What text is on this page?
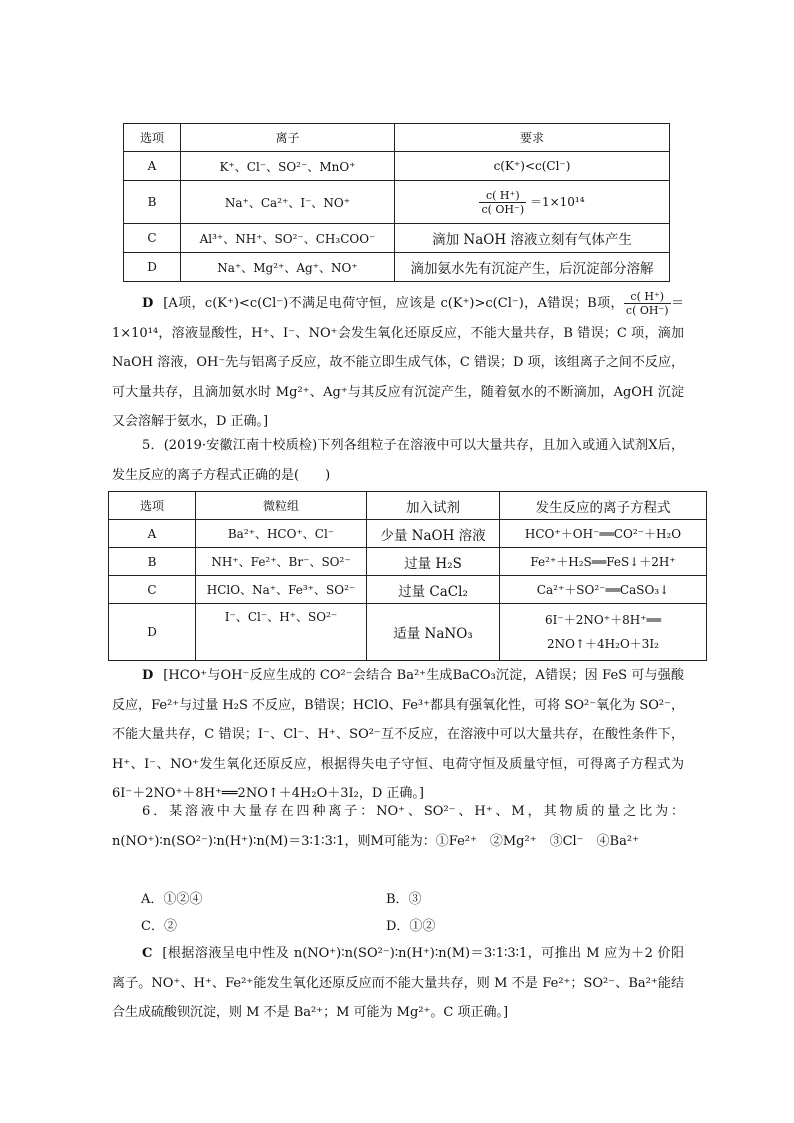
选项	离子	要求
A	K⁺、Cl⁻、SO²⁻、MnO⁺	c(K⁺)<c(Cl⁻)
B	Na⁺、Ca²⁺、I⁻、NO⁺	$\frac{c( H^+)}{c( OH^-)} =1\times 10^{14}$
C	Al³⁺、NH⁺、SO²⁻、CH₃COO⁻	滴加 NaOH 溶液立刻有气体产生
D	Na⁺、Mg²⁺、Ag⁺、NO⁺	滴加氨水先有沉淀产生，后沉淀部分溶解
D [A项，c(K⁺)<c(Cl⁻)不满足电荷守恒，应该是 c(K⁺)>c(Cl⁻)，A错误；B项， $\frac{c( H^+)}{c( OH^-)} = 1\times 10^{14}$，溶液显酸性，H⁺、I⁻、NO⁺会发生氧化还原反应，不能大量共存，B 错误；C 项，滴加 NaOH 溶液，OH⁻先与铝离子反应，故不能立即生成气体，C 错误；D 项，该组离子之间不反应，可大量共存，且滴加氨水时 Mg²⁺、Ag⁺与其反应有沉淀产生，随着氨水的不断滴加，AgOH 沉淀又会溶解于氨水，D 正确。]
5．(2019·安徽江南十校质检)下列各组粒子在溶液中可以大量共存，且加入或通入试剂X后，发生反应的离子方程式正确的是(　　)
选项	微粒组	加入试剂	发生反应的离子方程式
A	Ba²⁺、HCO⁺、Cl⁻	少量 NaOH 溶液	HCO⁺＋OH⁻══CO²⁻＋H₂O
B	NH⁺、Fe²⁺、Br⁻、SO²⁻	过量 H₂S	Fe²⁺＋H₂S══FeS↓＋2H⁺
C	HClO、Na⁺、Fe³⁺、SO²⁻	过量 CaCl₂	Ca²⁺＋SO²⁻══CaSO₃↓
D	I⁻、Cl⁻、H⁺、SO²⁻	适量 NaNO₃	6I⁻＋2NO⁺＋8H⁺══
2NO↑＋4H₂O＋3I₂
D [HCO⁺与OH⁻反应生成的 CO²⁻会结合 Ba²⁺生成BaCO₃沉淀，A错误；因 FeS 可与强酸反应，Fe²⁺与过量 H₂S 不反应，B错误；HClO、Fe³⁺都具有强氧化性，可将 SO²⁻氧化为 SO²⁻，不能大量共存，C 错误；I⁻、Cl⁻、H⁺、SO²⁻互不反应，在溶液中可以大量共存，在酸性条件下，H⁺、I⁻、NO⁺发生氧化还原反应，根据得失电子守恒、电荷守恒及质量守恒，可得离子方程式为 6I⁻＋2NO⁺＋8H⁺══2NO↑＋4H₂O＋3I₂，D 正确。]
6．某溶液中大量存在四种离子：NO⁺、SO²⁻、H⁺、M，其物质的量之比为：n(NO⁺)∶n(SO²⁻)∶n(H⁺)∶n(M)＝3∶1∶3∶1，则M可能为：①Fe²⁺　②Mg²⁺　③Cl⁻　④Ba²⁺
A．①②④	B．③
C．②	D．①②
C [根据溶液呈电中性及 n(NO⁺)∶n(SO²⁻)∶n(H⁺)∶n(M)＝3∶1∶3∶1，可推出 M 应为＋2 价阳离子。NO⁺、H⁺、Fe²⁺能发生氧化还原反应而不能大量共存，则 M 不是 Fe²⁺；SO²⁻、Ba²⁺能结合生成硫酸钡沉淀，则 M 不是 Ba²⁺；M 可能为 Mg²⁺。C 项正确。]
